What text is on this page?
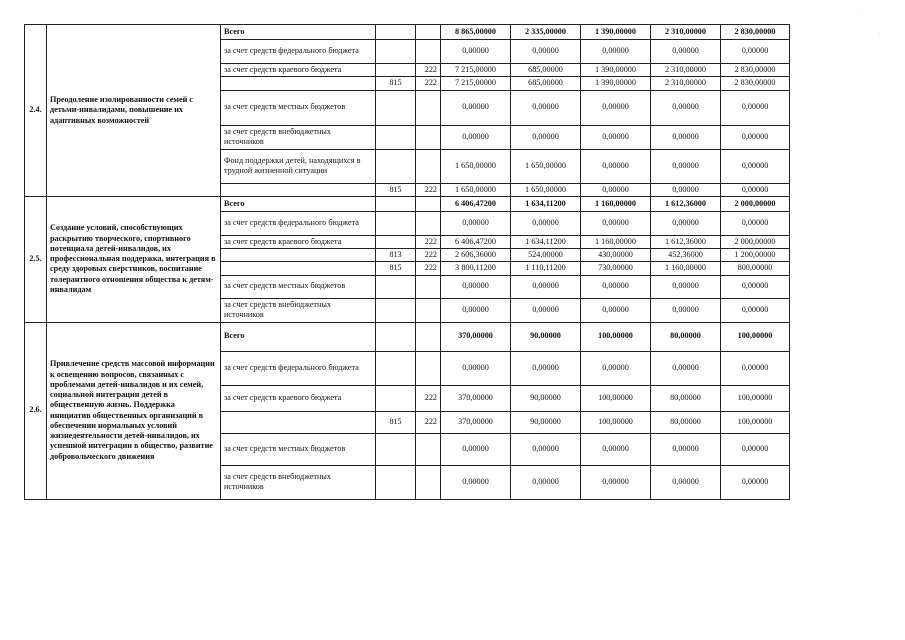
·
·
2.4.	Преодоление изолированности семей с детьми-инвалидами, повышение их адаптивных возможностей	Всего			8 865,00000	2 335,00000	1 390,00000	2 310,00000	2 830,00000
		за счет средств федерального бюджета			0,00000	0,00000	0,00000	0,00000	0,00000
		за счет средств краевого бюджета		222	7 215,00000	685,00000	1 390,00000	2 310,00000	2 830,00000
			815	222	7 215,00000	685,00000	1 390,00000	2 310,00000	2 830,00000
		за счет средств местных бюджетов			0,00000	0,00000	0,00000	0,00000	0,00000
		за счет средств внебюджетных источников			0,00000	0,00000	0,00000	0,00000	0,00000
		Фонд поддержки детей, находящихся в трудной жизненной ситуации			1 650,00000	1 650,00000	0,00000	0,00000	0,00000
			815	222	1 650,00000	1 650,00000	0,00000	0,00000	0,00000
2.5.	Создание условий, способствующих раскрытию творческого, спортивного потенциала детей-инвалидов, их профессиональная поддержка, интеграция в среду здоровых сверстников, воспитание толерантного отношения общества к детям-инвалидам	Всего			6 406,47200	1 634,11200	1 160,00000	1 612,36000	2 000,00000
		за счет средств федерального бюджета			0,00000	0,00000	0,00000	0,00000	0,00000
		за счет средств краевого бюджета		222	6 406,47200	1 634,11200	1 160,00000	1 612,36000	2 000,00000
			813	222	2 606,36000	524,00000	430,00000	452,36000	1 200,00000
			815	222	3 800,11200	1 110,11200	730,00000	1 160,00000	800,00000
		за счет средств местных бюджетов			0,00000	0,00000	0,00000	0,00000	0,00000
		за счет средств внебюджетных источников			0,00000	0,00000	0,00000	0,00000	0,00000
2.6.	Привлечение средств массовой информации к освещению вопросов, связанных с проблемами детей-инвалидов и их семей, социальной интеграции детей в общественную жизнь. Поддержка инициатив общественных организаций в обеспечении нормальных условий жизнедеятельности детей-инвалидов, их успешной интеграции в общество, развитие добровольческого движения	Всего			370,00000	90,00000	100,00000	80,00000	100,00000
		за счет средств федерального бюджета			0,00000	0,00000	0,00000	0,00000	0,00000
		за счет средств краевого бюджета		222	370,00000	90,00000	100,00000	80,00000	100,00000
			815	222	370,00000	90,00000	100,00000	80,00000	100,00000
		за счет средств местных бюджетов			0,00000	0,00000	0,00000	0,00000	0,00000
		за счет средств внебюджетных источников			0,00000	0,00000	0,00000	0,00000	0,00000
